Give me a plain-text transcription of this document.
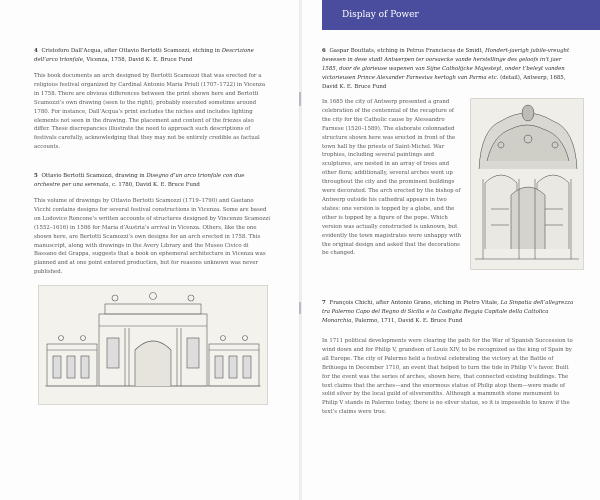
Display of Power

4 Cristoforo Dall’Acqua, after Ottavio Bertotti Scamozzi, etching in Descrizione dell’arco trionfale, Vicenza, 1758, David K. E. Bruce Fund

This book documents an arch designed by Bertotti Scamozzi that was erected for a religious festival organized by Cardinal Antonio Maria Priuli (1707–1722) in Vicenza in 1758. There are obvious differences between the print shown here and Bertotti Scamozzi’s own drawing (seen to the right), probably executed sometime around 1780. For instance, Dall’Acqua’s print excludes the niches and includes lighting elements not seen in the drawing. The placement and content of the friezes also differ. These discrepancies illustrate the need to approach such descriptions of festivals carefully, acknowledging that they may not be entirely credible as factual accounts.

5 Ottavio Bertotti Scamozzi, drawing in Disegno d’un arco trionfale con due orchestre per una serenata, c. 1780, David K. E. Bruce Fund

This volume of drawings by Ottavio Bertotti Scamozzi (1719–1790) and Gaetano Vicchi contains designs for several festival constructions in Vicenza. Some are based on Lodovico Roncone’s written accounts of structures designed by Vincenzo Scamozzi (1552–1616) in 1586 for Maria d’Austria’s arrival in Vicenza. Others, like the one shown here, are Bertotti Scamozzi’s own designs for an arch erected in 1758. This manuscript, along with drawings in the Avery Library and the Museo Civico di Bassano del Grappa, suggests that a book on ephemeral architecture in Vicenza was planned and at one point entered production, but for reasons unknown was never published.

6 Gaspar Bouttats, etching in Petrus Franciscus de Smidt, Hondert-jaerigh jubile-vreught bewesen in dese stadt Antwerpen ter oorsaecke vande herstellinge des geloofs in’t jaer 1585, door de glorieuse wapenen van Sijne Catholijcke Majesteyt, onder t’beleyt vanden victorieusen Prince Alexander Farnesius hertogh van Parma etc. (detail), Antwerp, 1685, David K. E. Bruce Fund

In 1685 the city of Antwerp presented a grand celebration of the centennial of the recapture of the city for the Catholic cause by Alessandro Farnese (1520–1589). The elaborate colonnaded structure shown here was erected in front of the town hall by the priests of Saint-Michel. War trophies, including several paintings and sculptures, are nested in an array of trees and other flora; additionally, several arches went up throughout the city and the prominent buildings were decorated. The arch erected by the bishop of Antwerp outside his cathedral appears in two states: one version is topped by a globe, and the other is topped by a figure of the pope. Which version was actually constructed is unknown, but evidently the town magistrates were unhappy with the original design and asked that the decorations be changed.

7 François Chichi, after Antonio Grano, etching in Pietro Vitale, La Sinpatia dell’allegrezza tra Palermo Capo del Regno di Sicilia e la Castiglia Reggia Capitale della Cattolica Monarchia, Palermo, 1711, David K. E. Bruce Fund

In 1711 political developments were clearing the path for the War of Spanish Succession to wind down and for Philip V, grandson of Louis XIV, to be recognized as the king of Spain by all Europe. The city of Palermo held a festival celebrating the victory at the Battle of Brihuega in December 1710, an event that helped to turn the tide in Philip V’s favor. Built for the event was the series of arches, shown here, that connected existing buildings. The text claims that the arches—and the enormous statue of Philip atop them—were made of solid silver by the local guild of silversmiths. Although a mammoth stone monument to Philip V stands in Palermo today, there is no silver statue, so it is impossible to know if the text’s claims were true.
